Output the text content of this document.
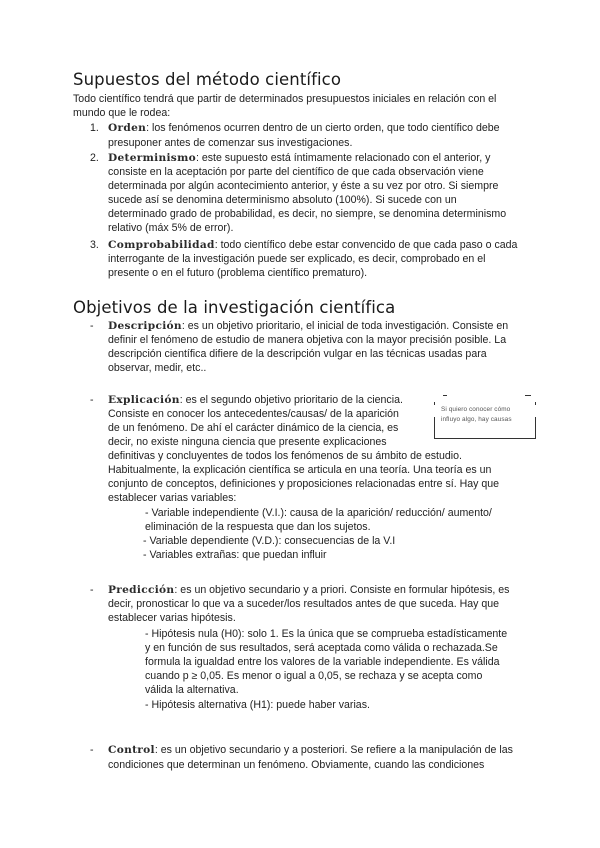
Supuestos del método científico

Todo científico tendrá que partir de determinados presupuestos iniciales en relación con el

mundo que le rodea:

1. Orden: los fenómenos ocurren dentro de un cierto orden, que todo científico debe

presuponer antes de comenzar sus investigaciones.

2. Determinismo: este supuesto está íntimamente relacionado con el anterior, y

consiste en la aceptación por parte del científico de que cada observación viene

determinada por algún acontecimiento anterior, y éste a su vez por otro. Si siempre

sucede así se denomina determinismo absoluto (100%). Si sucede con un

determinado grado de probabilidad, es decir, no siempre, se denomina determinismo

relativo (máx 5% de error).

3. Comprobabilidad: todo científico debe estar convencido de que cada paso o cada

interrogante de la investigación puede ser explicado, es decir, comprobado en el

presente o en el futuro (problema científico prematuro).

Objetivos de la investigación científica
- Descripción: es un objetivo prioritario, el inicial de toda investigación. Consiste en

definir el fenómeno de estudio de manera objetiva con la mayor precisión posible. La

descripción científica difiere de la descripción vulgar en las técnicas usadas para

observar, medir, etc..

- Explicación: es el segundo objetivo prioritario de la ciencia.

Consiste en conocer los antecedentes/causas/ de la aparición

de un fenómeno. De ahí el carácter dinámico de la ciencia, es

decir, no existe ninguna ciencia que presente explicaciones

definitivas y concluyentes de todos los fenómenos de su ámbito de estudio.

Habitualmente, la explicación científica se articula en una teoría. Una teoría es un

conjunto de conceptos, definiciones y proposiciones relacionadas entre sí. Hay que

establecer varias variables:

- Variable independiente (V.I.): causa de la aparición/ reducción/ aumento/

eliminación de la respuesta que dan los sujetos.

- Variable dependiente (V.D.): consecuencias de la V.I

- Variables extrañas: que puedan influir

Si quiero conocer cómo
influyo algo, hay causas
- Predicción: es un objetivo secundario y a priori. Consiste en formular hipótesis, es

decir, pronosticar lo que va a suceder/los resultados antes de que suceda. Hay que

establecer varias hipótesis.

- Hipótesis nula (H0): solo 1. Es la única que se comprueba estadísticamente

y en función de sus resultados, será aceptada como válida o rechazada.Se

formula la igualdad entre los valores de la variable independiente. Es válida

cuando p ≥ 0,05. Es menor o igual a 0,05, se rechaza y se acepta como

válida la alternativa.

- Hipótesis alternativa (H1): puede haber varias.

- Control: es un objetivo secundario y a posteriori. Se refiere a la manipulación de las

condiciones que determinan un fenómeno. Obviamente, cuando las condiciones
